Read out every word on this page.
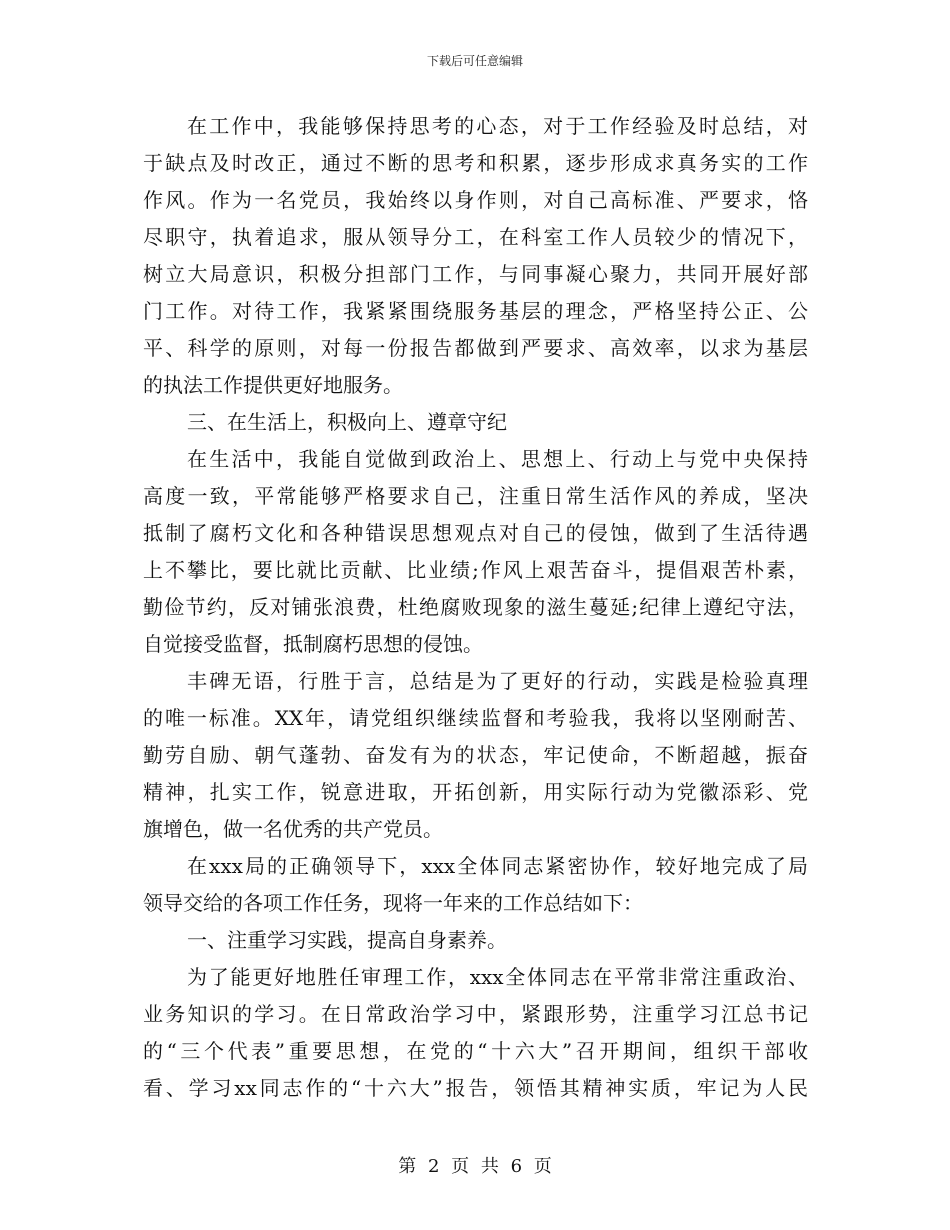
下载后可任意编辑
在工作中，我能够保持思考的心态，对于工作经验及时总结，对
于缺点及时改正，通过不断的思考和积累，逐步形成求真务实的工作
作风。作为一名党员，我始终以身作则，对自己高标准、严要求，恪
尽职守，执着追求，服从领导分工，在科室工作人员较少的情况下，
树立大局意识，积极分担部门工作，与同事凝心聚力，共同开展好部
门工作。对待工作，我紧紧围绕服务基层的理念，严格坚持公正、公
平、科学的原则，对每一份报告都做到严要求、高效率，以求为基层
的执法工作提供更好地服务。
三、在生活上，积极向上、遵章守纪
在生活中，我能自觉做到政治上、思想上、行动上与党中央保持
高度一致，平常能够严格要求自己，注重日常生活作风的养成，坚决
抵制了腐朽文化和各种错误思想观点对自己的侵蚀，做到了生活待遇
上不攀比，要比就比贡献、比业绩;作风上艰苦奋斗，提倡艰苦朴素，
勤俭节约，反对铺张浪费，杜绝腐败现象的滋生蔓延;纪律上遵纪守法，
自觉接受监督，抵制腐朽思想的侵蚀。
丰碑无语，行胜于言，总结是为了更好的行动，实践是检验真理
的唯一标准。XX年，请党组织继续监督和考验我，我将以坚刚耐苦、
勤劳自励、朝气蓬勃、奋发有为的状态，牢记使命，不断超越，振奋
精神，扎实工作，锐意进取，开拓创新，用实际行动为党徽添彩、党
旗增色，做一名优秀的共产党员。
在xxx局的正确领导下，xxx全体同志紧密协作，较好地完成了局
领导交给的各项工作任务，现将一年来的工作总结如下：
一、注重学习实践，提高自身素养。
为了能更好地胜任审理工作，xxx全体同志在平常非常注重政治、
业务知识的学习。在日常政治学习中，紧跟形势，注重学习江总书记
的“三个代表”重要思想，在党的“十六大”召开期间，组织干部收
看、学习xx同志作的“十六大”报告，领悟其精神实质，牢记为人民
第 2 页 共 6 页
